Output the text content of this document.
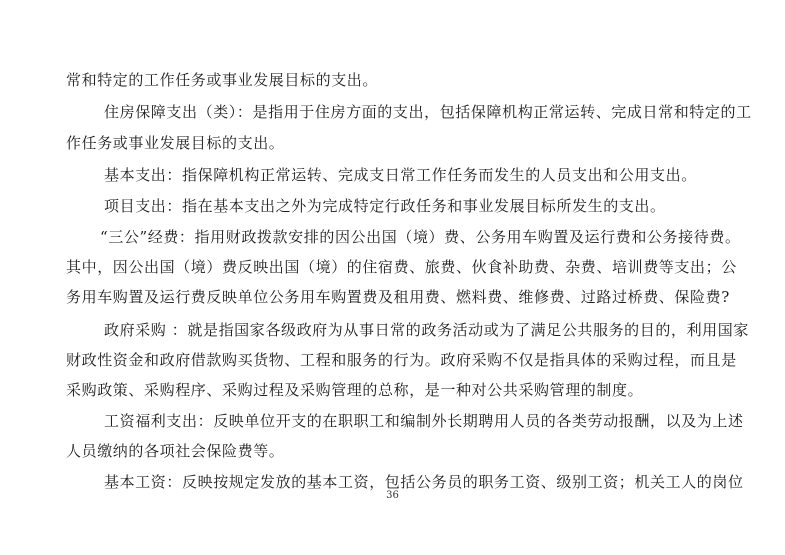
常和特定的工作任务或事业发展目标的支出。
住房保障支出（类）：是指用于住房方面的支出，包括保障机构正常运转、完成日常和特定的工
作任务或事业发展目标的支出。
基本支出：指保障机构正常运转、完成支日常工作任务而发生的人员支出和公用支出。
项目支出：指在基本支出之外为完成特定行政任务和事业发展目标所发生的支出。
“三公”经费：指用财政拨款安排的因公出国（境）费、公务用车购置及运行费和公务接待费。
其中，因公出国（境）费反映出国（境）的住宿费、旅费、伙食补助费、杂费、培训费等支出；公
务用车购置及运行费反映单位公务用车购置费及租用费、燃料费、维修费、过路过桥费、保险费?
政府采购 ：就是指国家各级政府为从事日常的政务活动或为了满足公共服务的目的，利用国家
财政性资金和政府借款购买货物、工程和服务的行为。政府采购不仅是指具体的采购过程，而且是
采购政策、采购程序、采购过程及采购管理的总称，是一种对公共采购管理的制度。
工资福利支出：反映单位开支的在职职工和编制外长期聘用人员的各类劳动报酬，以及为上述
人员缴纳的各项社会保险费等。
基本工资：反映按规定发放的基本工资，包括公务员的职务工资、级别工资；机关工人的岗位
36
